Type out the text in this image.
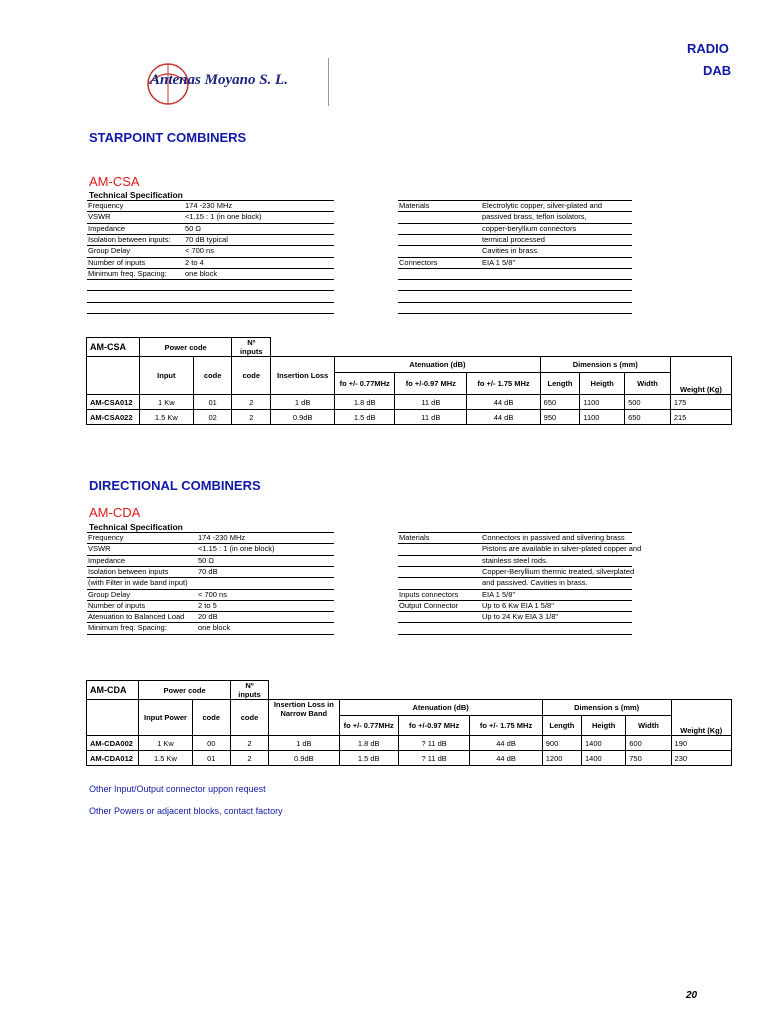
RADIO
DAB
Antenas Moyano S. L.
STARPOINT COMBINERS
AM-CSA
Technical Specification
Frequency	174 -230 MHz
VSWR	<1.15 : 1 (in one block)
Impedance	50 Ω
Isolation between inputs: 70 dB typical
Group Delay	< 700 ns
Number of inputs	2 to 4
Minimum freq. Spacing: one block
Materials	Electrolytic copper, silver-plated and
passived brass, teflon isolators,
copper-beryllium connectors
termical processed
Cavities in brass.
Connectors	EIA 1 5/8"
AM-CSA	Power code		Nº inputs								
	Input	code	code	Insertion Loss	Atenuation (dB)			Dimension s (mm)			Weight (Kg)
					fo +/- 0.77MHz	fo +/-0.97 MHz	fo +/- 1.75 MHz	Length	Heigth	Width	
AM-CSA012	1 Kw	01	2	1 dB	1.8 dB	11 dB	44 dB	650	1100	500	175
AM-CSA022	1.5 Kw	02	2	0.9dB	1.5 dB	11 dB	44 dB	950	1100	650	215
DIRECTIONAL COMBINERS
AM-CDA
Technical Specification
Frequency	174 -230 MHz
VSWR	<1.15 : 1 (in one block)
Impedance	50 Ω
Isolation between inputs	70 dB
(with Filter in wide band input)
Group Delay	< 700 ns
Number of inputs	2 to 5
Atenuation to Balanced Load 20 dB
Minimum freq. Spacing:	one block
Materials	Connectors in passived and silvering brass
Pistons are available in silver-plated copper and
stainless steel rods.
Copper-Beryllium thermic treated, silverplated
and passived. Cavities in brass.
Inputs connectors	EIA 1 5/8"
Output Connector	Up to 6 Kw EIA 1 5/8"
Up to 24 Kw EIA 3 1/8"
AM-CDA	Power code		Nº inputs								
	Input Power	code	code	Insertion Loss in Narrow Band	Atenuation (dB)			Dimension s (mm)			Weight (Kg)
					fo +/- 0.77MHz	fo +/-0.97 MHz	fo +/- 1.75 MHz	Length	Heigth	Width	
AM-CDA002	1 Kw	00	2	1 dB	1.8 dB	? 11 dB	44 dB	900	1400	600	190
AM-CDA012	1.5 Kw	01	2	0.9dB	1.5 dB	? 11 dB	44 dB	1200	1400	750	230
Other Input/Output connector uppon request
Other Powers or adjacent blocks, contact factory
20
